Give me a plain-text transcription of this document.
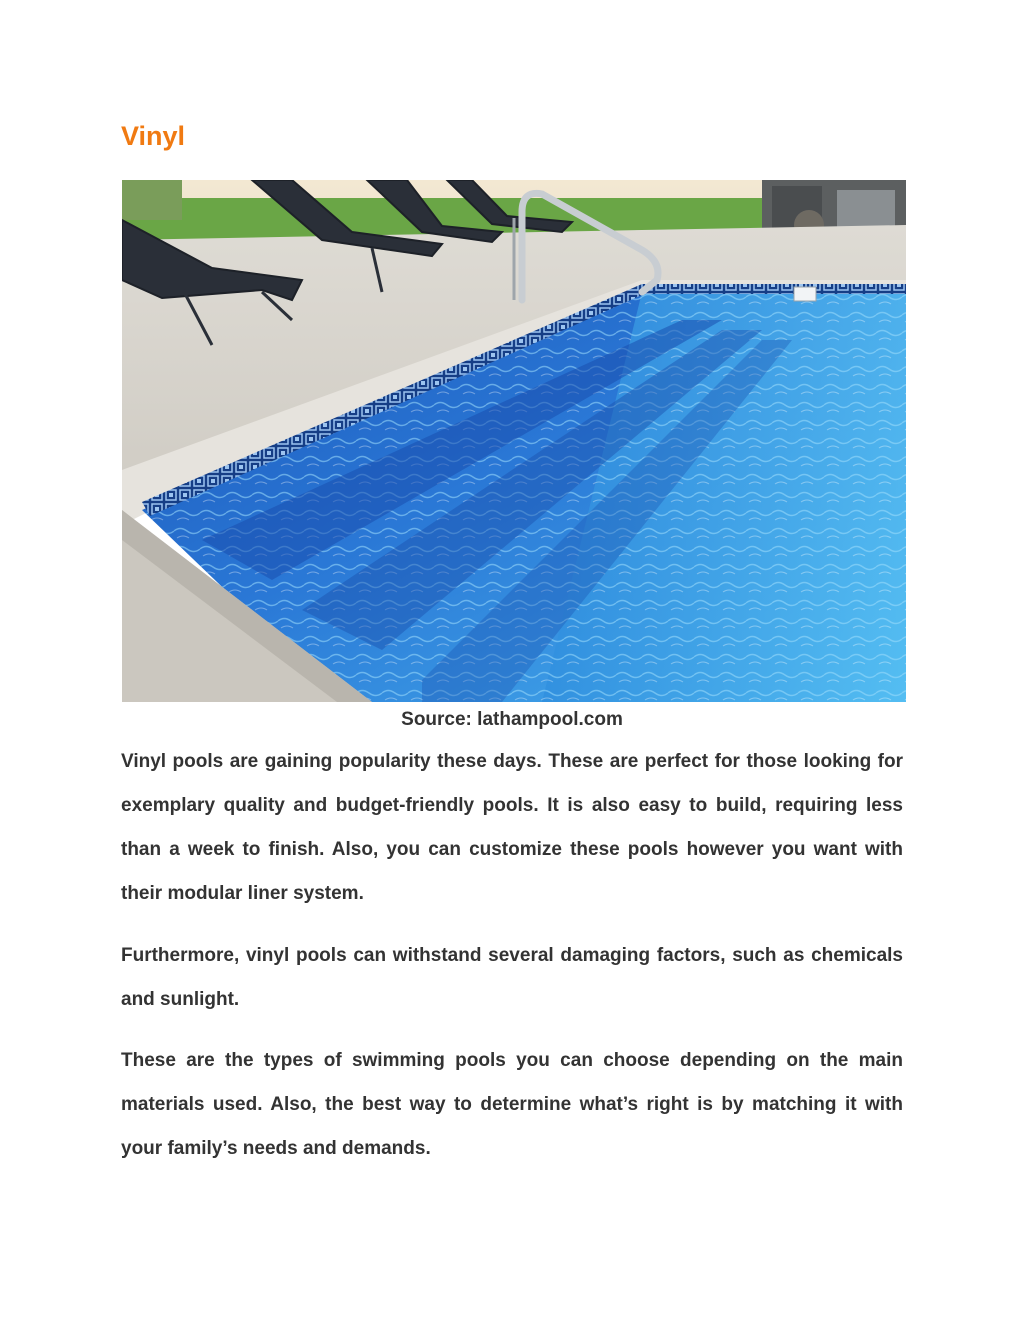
Vinyl
Source: lathampool.com

Vinyl pools are gaining popularity these days. These are perfect for those looking for exemplary quality and budget-friendly pools. It is also easy to build, requiring less than a week to finish. Also, you can customize these pools however you want with their modular liner system.

Furthermore, vinyl pools can withstand several damaging factors, such as chemicals and sunlight.

These are the types of swimming pools you can choose depending on the main materials used. Also, the best way to determine what’s right is by matching it with your family’s needs and demands.
